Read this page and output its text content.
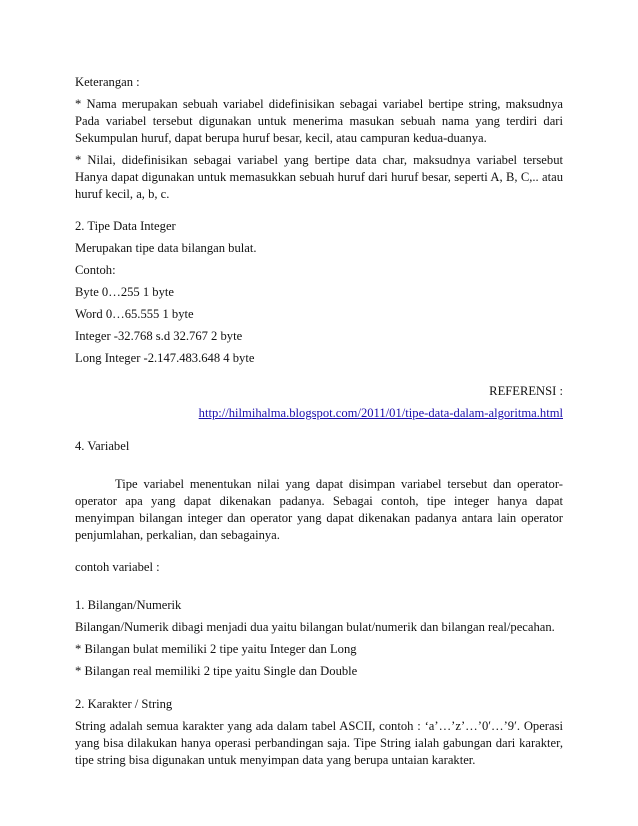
Keterangan :

* Nama merupakan sebuah variabel didefinisikan sebagai variabel bertipe string, maksudnya

Pada variabel tersebut digunakan untuk menerima masukan sebuah nama yang terdiri dari

Sekumpulan huruf, dapat berupa huruf besar, kecil, atau campuran kedua-duanya.

* Nilai, didefinisikan sebagai variabel yang bertipe data char, maksudnya variabel tersebut

Hanya dapat digunakan untuk memasukkan sebuah huruf dari huruf besar, seperti A, B, C,.. atau

huruf kecil, a, b, c.

2. Tipe Data Integer

Merupakan tipe data bilangan bulat.

Contoh:

Byte 0…255 1 byte

Word 0…65.555 1 byte

Integer -32.768 s.d 32.767 2 byte

Long Integer -2.147.483.648 4 byte

REFERENSI :

http://hilmihalma.blogspot.com/2011/01/tipe-data-dalam-algoritma.html

4. Variabel

Tipe variabel menentukan nilai yang dapat disimpan variabel tersebut dan operator-

operator apa yang dapat dikenakan padanya. Sebagai contoh, tipe integer hanya dapat

menyimpan bilangan integer dan operator yang dapat dikenakan padanya antara lain operator

penjumlahan, perkalian, dan sebagainya.

contoh variabel :

1. Bilangan/Numerik

Bilangan/Numerik dibagi menjadi dua yaitu bilangan bulat/numerik dan bilangan real/pecahan.

* Bilangan bulat memiliki 2 tipe yaitu Integer dan Long

* Bilangan real memiliki 2 tipe yaitu Single dan Double

2. Karakter / String

String adalah semua karakter yang ada dalam tabel ASCII, contoh : ‘a’…’z’…’0′…’9′. Operasi

yang bisa dilakukan hanya operasi perbandingan saja. Tipe String ialah gabungan dari karakter,

tipe string bisa digunakan untuk menyimpan data yang berupa untaian karakter.
